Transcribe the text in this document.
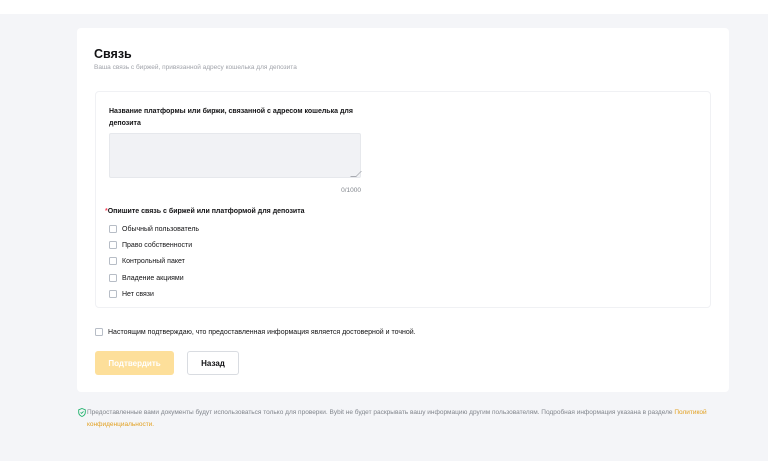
Связь
Ваша связь с биржей, привязанной адресу кошелька для депозита
Название платформы или биржи, связанной с адресом кошелька для депозита
0/1000
*Опишите связь с биржей или платформой для депозита
Обычный пользователь
Право собственности
Контрольный пакет
Владение акциями
Нет связи
Настоящим подтверждаю, что предоставленная информация является достоверной и точной.
Подтвердить	Назад
Предоставленные вами документы будут использоваться только для проверки. Bybit не будет раскрывать вашу информацию другим пользователям. Подробная информация указана в разделе Политикой конфиденциальности.
